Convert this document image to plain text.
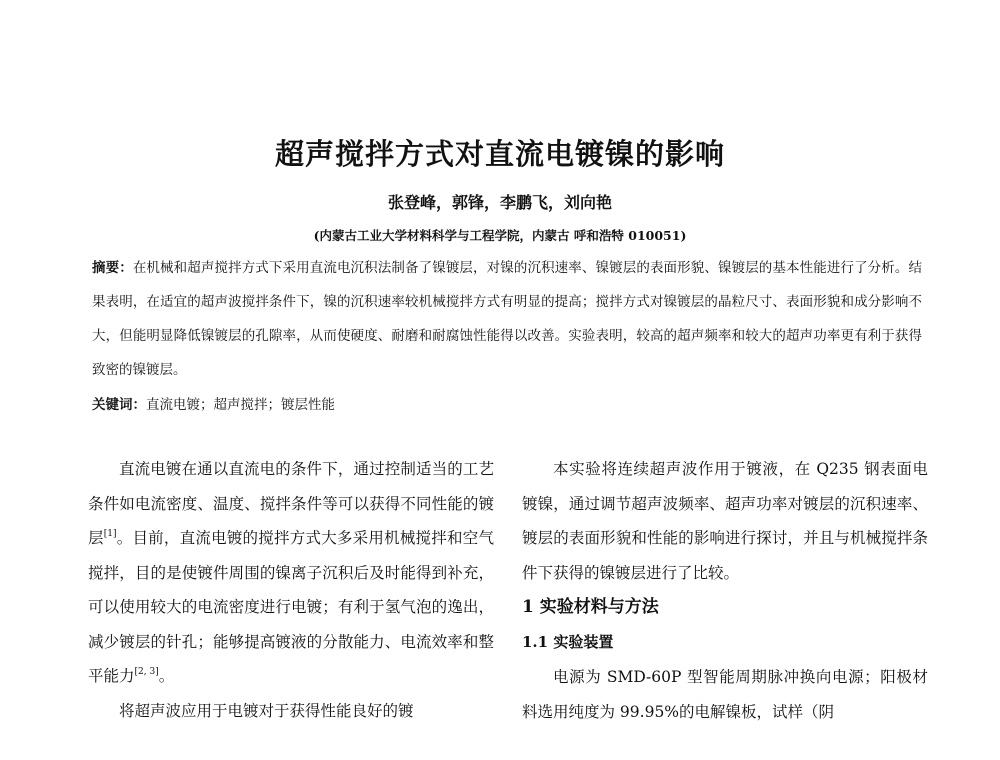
超声搅拌方式对直流电镀镍的影响
张登峰，郭锋，李鹏飞，刘向艳
(内蒙古工业大学材料科学与工程学院，内蒙古 呼和浩特 010051)
摘要：在机械和超声搅拌方式下采用直流电沉积法制备了镍镀层，对镍的沉积速率、镍镀层的表面形貌、镍镀层的基本性能进行了分析。结果表明，在适宜的超声波搅拌条件下，镍的沉积速率较机械搅拌方式有明显的提高；搅拌方式对镍镀层的晶粒尺寸、表面形貌和成分影响不大，但能明显降低镍镀层的孔隙率，从而使硬度、耐磨和耐腐蚀性能得以改善。实验表明，较高的超声频率和较大的超声功率更有利于获得致密的镍镀层。
关键词：直流电镀；超声搅拌；镀层性能

直流电镀在通以直流电的条件下，通过控制适当的工艺条件如电流密度、温度、搅拌条件等可以获得不同性能的镀层[1]。目前，直流电镀的搅拌方式大多采用机械搅拌和空气搅拌，目的是使镀件周围的镍离子沉积后及时能得到补充，可以使用较大的电流密度进行电镀；有利于氢气泡的逸出，减少镀层的针孔；能够提高镀液的分散能力、电流效率和整平能力[2, 3]。

将超声波应用于电镀对于获得性能良好的镀

本实验将连续超声波作用于镀液，在 Q235 钢表面电镀镍，通过调节超声波频率、超声功率对镀层的沉积速率、镀层的表面形貌和性能的影响进行探讨，并且与机械搅拌条件下获得的镍镀层进行了比较。

1 实验材料与方法
1.1 实验装置

电源为 SMD-60P 型智能周期脉冲换向电源；阳极材料选用纯度为 99.95%的电解镍板，试样（阴
